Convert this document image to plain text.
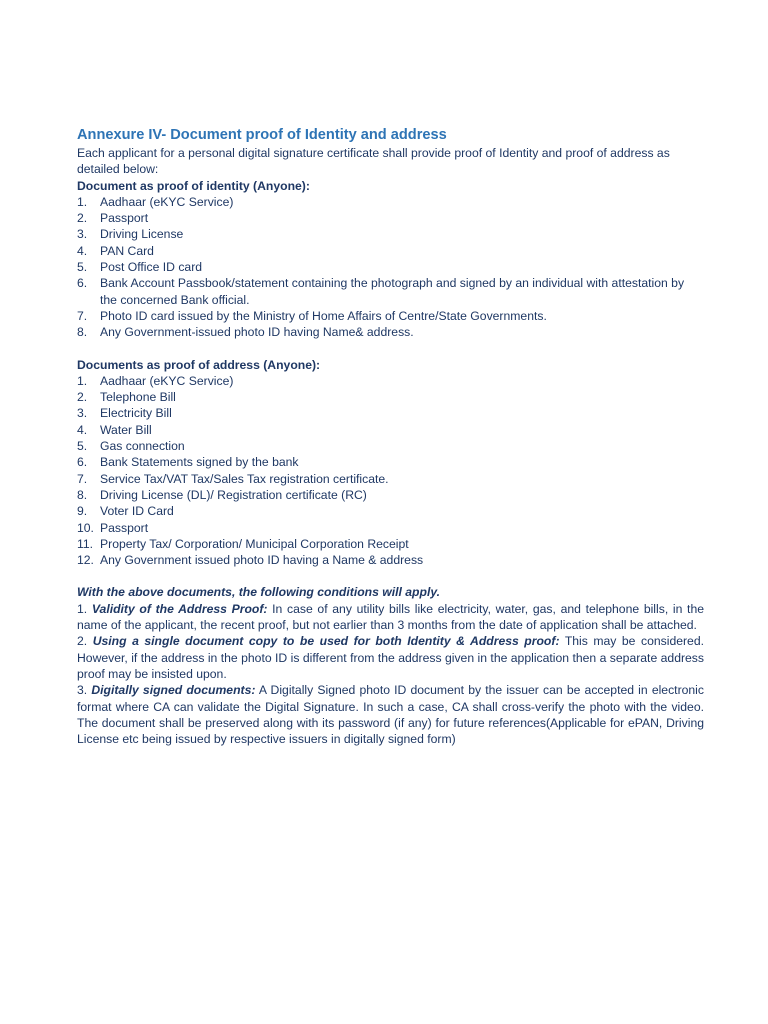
Annexure IV- Document proof of Identity and address

Each applicant for a personal digital signature certificate shall provide proof of Identity and proof of address as detailed below:

Document as proof of identity (Anyone):

1. Aadhaar (eKYC Service)
2. Passport
3. Driving License
4. PAN Card
5. Post Office ID card
6. Bank Account Passbook/statement containing the photograph and signed by an individual with attestation by the concerned Bank official.
7. Photo ID card issued by the Ministry of Home Affairs of Centre/State Governments.
8. Any Government-issued photo ID having Name& address.

Documents as proof of address (Anyone):

1. Aadhaar (eKYC Service)
2. Telephone Bill
3. Electricity Bill
4. Water Bill
5. Gas connection
6. Bank Statements signed by the bank
7. Service Tax/VAT Tax/Sales Tax registration certificate.
8. Driving License (DL)/ Registration certificate (RC)
9. Voter ID Card
10. Passport
11. Property Tax/ Corporation/ Municipal Corporation Receipt
12. Any Government issued photo ID having a Name & address

With the above documents, the following conditions will apply.

1. Validity of the Address Proof: In case of any utility bills like electricity, water, gas, and telephone bills, in the name of the applicant, the recent proof, but not earlier than 3 months from the date of application shall be attached.

2. Using a single document copy to be used for both Identity & Address proof: This may be considered. However, if the address in the photo ID is different from the address given in the application then a separate address proof may be insisted upon.

3. Digitally signed documents: A Digitally Signed photo ID document by the issuer can be accepted in electronic format where CA can validate the Digital Signature. In such a case, CA shall cross-verify the photo with the video. The document shall be preserved along with its password (if any) for future references(Applicable for ePAN, Driving License etc being issued by respective issuers in digitally signed form)
